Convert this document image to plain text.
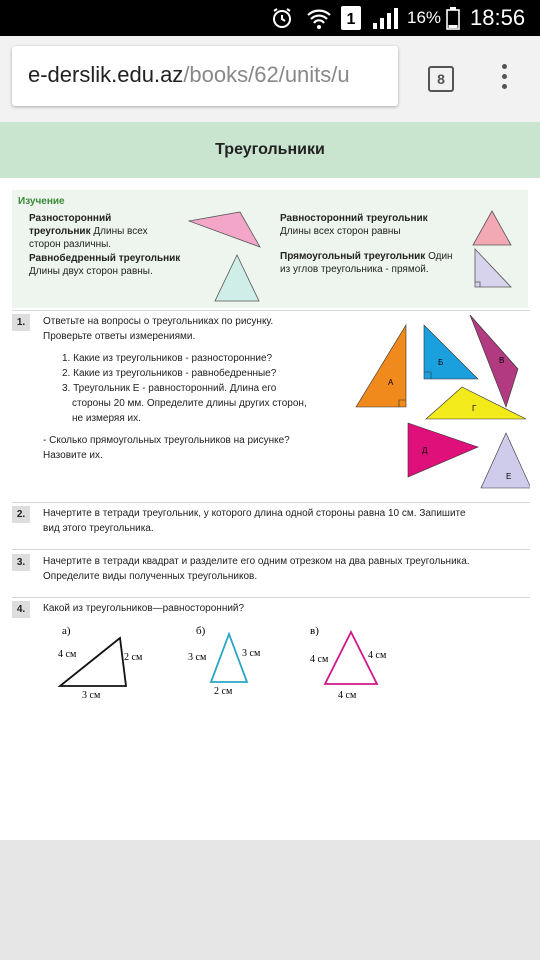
1	16% 18:56
e-derslik.edu.az/books/62/units/u	8
Треугольники
Изучение
Разносторонний
треугольник Длины всех
сторон различны.
Равнобедренный треугольник
Длины двух сторон равны.
Равносторонний треугольник
Длины всех сторон равны
Прямоугольный треугольник Один
из углов треугольника - прямой.
1.	Ответьте на вопросы о треугольниках по рисунку.
Проверьте ответы измерениями.
1. Какие из треугольников - разносторонние?
2. Какие из треугольников - равнобедренные?
3. Треугольник Е - равносторонний. Длина его
стороны 20 мм. Определите длины других сторон,
не измеряя их.
- Сколько прямоугольных треугольников на рисунке?
Назовите их.
А
Б	В
Г
Д
Е
2.	Начертите в тетради треугольник, у которого длина одной стороны равна 10 см. Запишите
вид этого треугольника.
3.	Начертите в тетради квадрат и разделите его одним отрезком на два равных треугольника.
Определите виды полученных треугольников.
4.	Какой из треугольников—равносторонний?
а)
4 см	2 см
3 см
б)
3 см	3 см
2 см
в)
4 см	4 см
4 см
